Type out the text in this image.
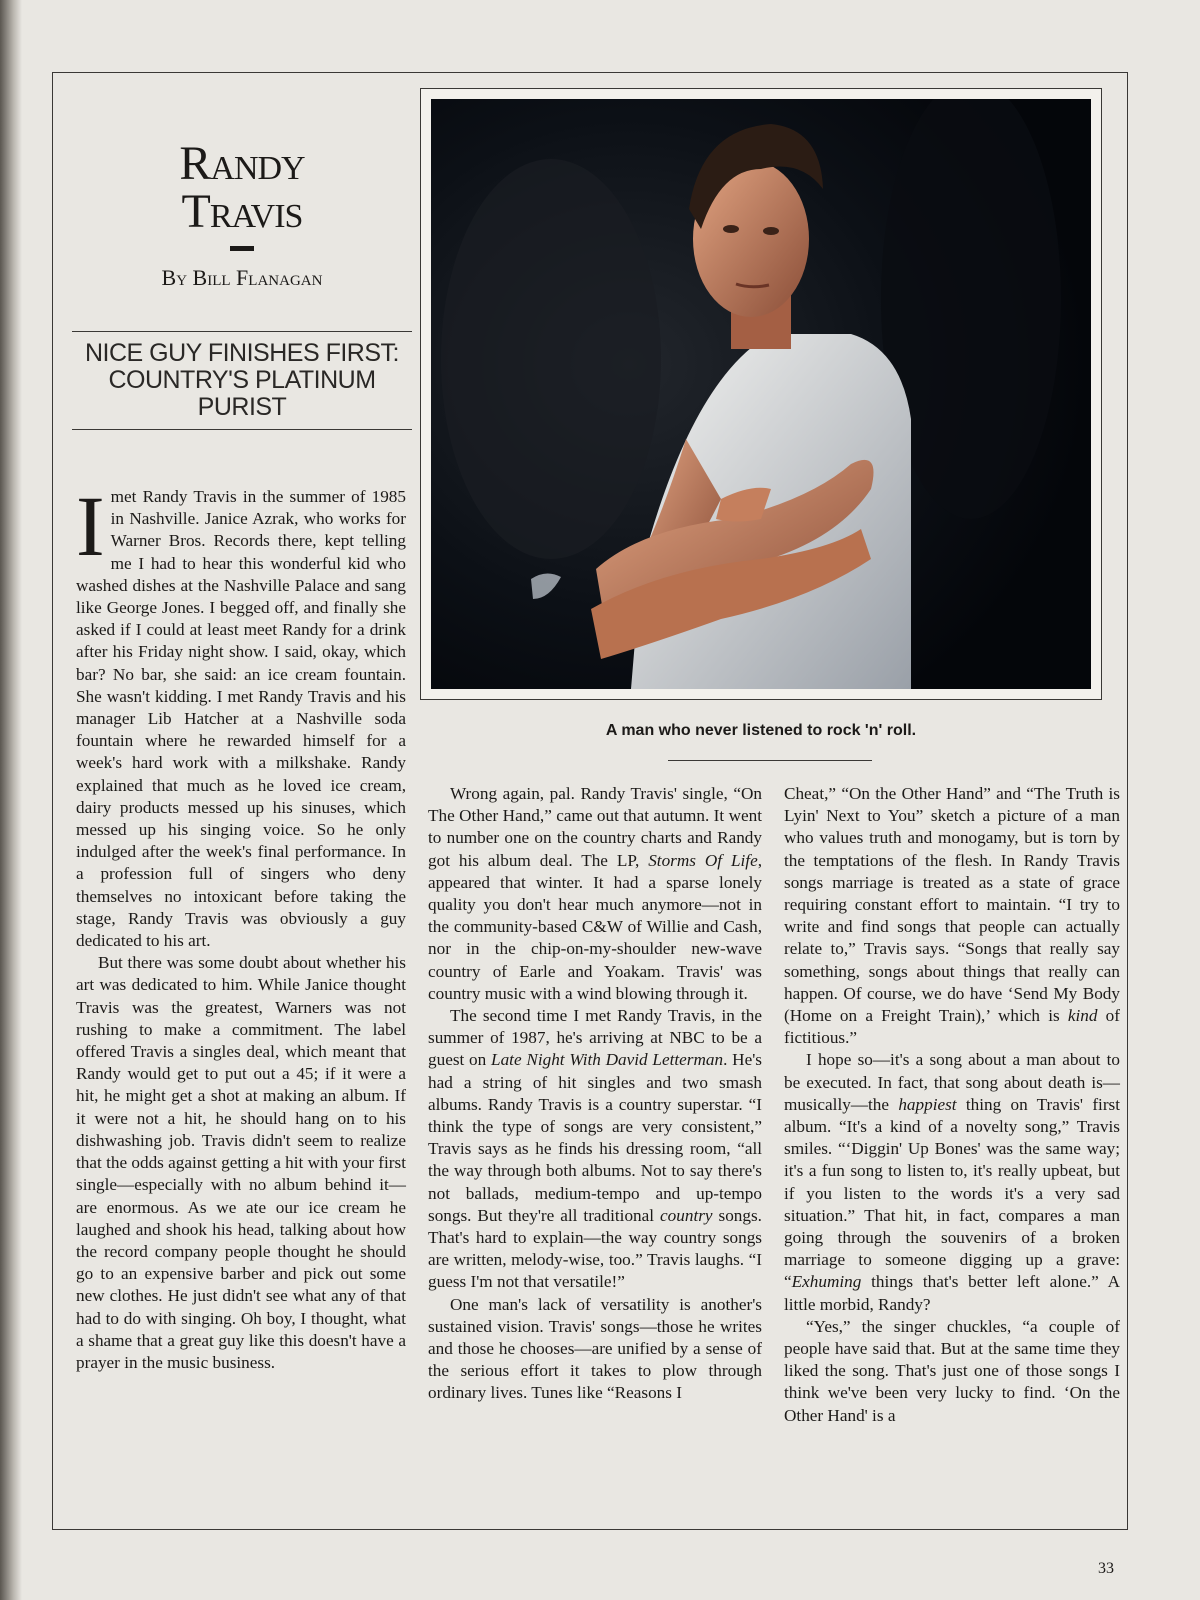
Randy
Travis

By Bill Flanagan

NICE GUY FINISHES FIRST: COUNTRY'S PLATINUM PURIST

Imet Randy Travis in the summer of 1985 in Nashville. Janice Azrak, who works for Warner Bros. Records there, kept telling me I had to hear this wonderful kid who washed dishes at the Nashville Palace and sang like George Jones. I begged off, and finally she asked if I could at least meet Randy for a drink after his Friday night show. I said, okay, which bar? No bar, she said: an ice cream fountain. She wasn't kidding. I met Randy Travis and his manager Lib Hatcher at a Nashville soda fountain where he rewarded himself for a week's hard work with a milkshake. Randy explained that much as he loved ice cream, dairy products messed up his sinuses, which messed up his singing voice. So he only indulged after the week's final performance. In a profession full of singers who deny themselves no intoxicant before taking the stage, Randy Travis was obviously a guy dedicated to his art.

But there was some doubt about whether his art was dedicated to him. While Janice thought Travis was the greatest, Warners was not rushing to make a commitment. The label offered Travis a singles deal, which meant that Randy would get to put out a 45; if it were a hit, he might get a shot at making an album. If it were not a hit, he should hang on to his dishwashing job. Travis didn't seem to realize that the odds against getting a hit with your first single—especially with no album behind it—are enormous. As we ate our ice cream he laughed and shook his head, talking about how the record company people thought he should go to an expensive barber and pick out some new clothes. He just didn't see what any of that had to do with singing. Oh boy, I thought, what a shame that a great guy like this doesn't have a prayer in the music business.

A man who never listened to rock 'n' roll.

Wrong again, pal. Randy Travis' single, “On The Other Hand,” came out that autumn. It went to number one on the country charts and Randy got his album deal. The LP, Storms Of Life, appeared that winter. It had a sparse lonely quality you don't hear much anymore—not in the community-based C&W of Willie and Cash, nor in the chip-on-my-shoulder new-wave country of Earle and Yoakam. Travis' was country music with a wind blowing through it.

The second time I met Randy Travis, in the summer of 1987, he's arriving at NBC to be a guest on Late Night With David Letterman. He's had a string of hit singles and two smash albums. Randy Travis is a country superstar. “I think the type of songs are very consistent,” Travis says as he finds his dressing room, “all the way through both albums. Not to say there's not ballads, medium-tempo and up-tempo songs. But they're all traditional country songs. That's hard to explain—the way country songs are written, melody-wise, too.” Travis laughs. “I guess I'm not that versatile!”

One man's lack of versatility is another's sustained vision. Travis' songs—those he writes and those he chooses—are unified by a sense of the serious effort it takes to plow through ordinary lives. Tunes like “Reasons I

Cheat,” “On the Other Hand” and “The Truth is Lyin' Next to You” sketch a picture of a man who values truth and monogamy, but is torn by the temptations of the flesh. In Randy Travis songs marriage is treated as a state of grace requiring constant effort to maintain. “I try to write and find songs that people can actually relate to,” Travis says. “Songs that really say something, songs about things that really can happen. Of course, we do have ‘Send My Body (Home on a Freight Train),’ which is kind of fictitious.”

I hope so—it's a song about a man about to be executed. In fact, that song about death is—musically—the happiest thing on Travis' first album. “It's a kind of a novelty song,” Travis smiles. “‘Diggin' Up Bones' was the same way; it's a fun song to listen to, it's really upbeat, but if you listen to the words it's a very sad situation.” That hit, in fact, compares a man going through the souvenirs of a broken marriage to someone digging up a grave: “Exhuming things that's better left alone.” A little morbid, Randy?

“Yes,” the singer chuckles, “a couple of people have said that. But at the same time they liked the song. That's just one of those songs I think we've been very lucky to find. ‘On the Other Hand' is a

33
